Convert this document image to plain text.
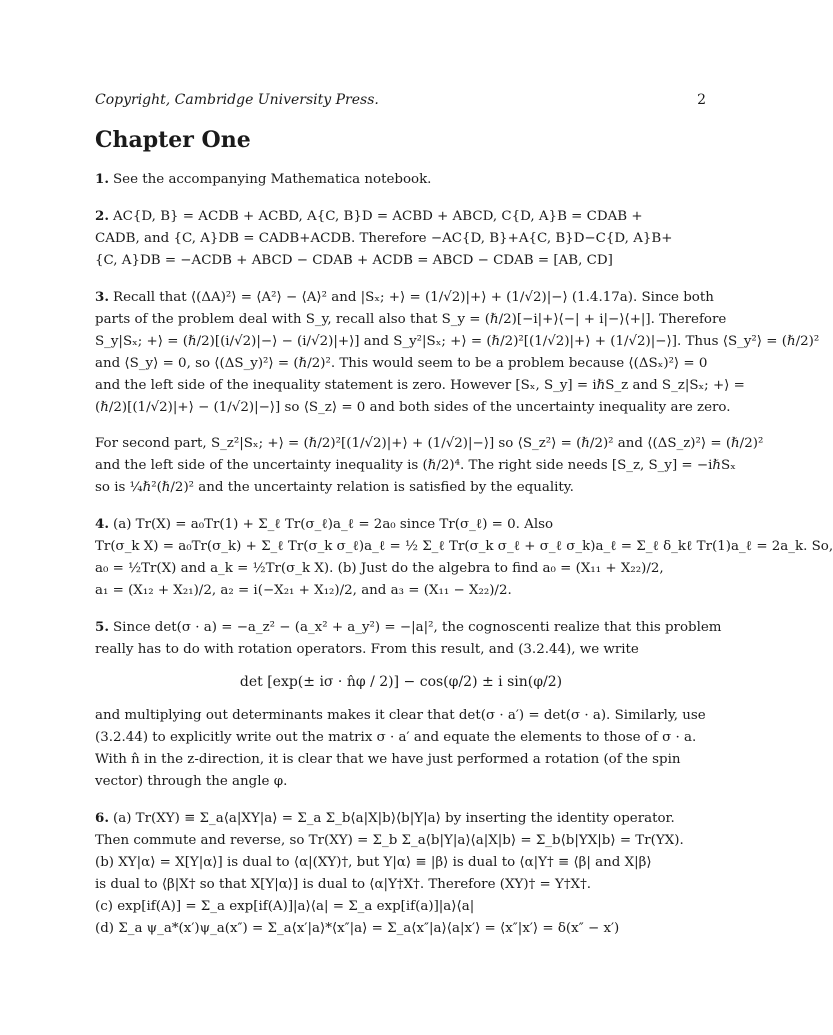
Copyright, Cambridge University Press.	2
Chapter One
1. See the accompanying Mathematica notebook.
2. AC{D, B} = ACDB + ACBD, A{C, B}D = ACBD + ABCD, C{D, A}B = CDAB +
CADB, and {C, A}DB = CADB+ACDB. Therefore −AC{D, B}+A{C, B}D−C{D, A}B+
{C, A}DB = −ACDB + ABCD − CDAB + ACDB = ABCD − CDAB = [AB, CD]
3. Recall that ⟨(ΔA)²⟩ = ⟨A²⟩ − ⟨A⟩² and |Sₓ; +⟩ = (1/√2)|+⟩ + (1/√2)|−⟩ (1.4.17a). Since both
parts of the problem deal with S_y, recall also that S_y = (ℏ/2)[−i|+⟩⟨−| + i|−⟩⟨+|]. Therefore
S_y|Sₓ; +⟩ = (ℏ/2)[(i/√2)|−⟩ − (i/√2)|+⟩] and S_y²|Sₓ; +⟩ = (ℏ/2)²[(1/√2)|+⟩ + (1/√2)|−⟩]. Thus ⟨S_y²⟩ = (ℏ/2)²
and ⟨S_y⟩ = 0, so ⟨(ΔS_y)²⟩ = (ℏ/2)². This would seem to be a problem because ⟨(ΔSₓ)²⟩ = 0
and the left side of the inequality statement is zero. However [Sₓ, S_y] = iℏS_z and S_z|Sₓ; +⟩ =
(ℏ/2)[(1/√2)|+⟩ − (1/√2)|−⟩] so ⟨S_z⟩ = 0 and both sides of the uncertainty inequality are zero.
For second part, S_z²|Sₓ; +⟩ = (ℏ/2)²[(1/√2)|+⟩ + (1/√2)|−⟩] so ⟨S_z²⟩ = (ℏ/2)² and ⟨(ΔS_z)²⟩ = (ℏ/2)²
and the left side of the uncertainty inequality is (ℏ/2)⁴. The right side needs [S_z, S_y] = −iℏSₓ
so is ¼ℏ²(ℏ/2)² and the uncertainty relation is satisfied by the equality.
4. (a) Tr(X) = a₀Tr(1) + Σ_ℓ Tr(σ_ℓ)a_ℓ = 2a₀ since Tr(σ_ℓ) = 0. Also
Tr(σ_k X) = a₀Tr(σ_k) + Σ_ℓ Tr(σ_k σ_ℓ)a_ℓ = ½ Σ_ℓ Tr(σ_k σ_ℓ + σ_ℓ σ_k)a_ℓ = Σ_ℓ δ_kℓ Tr(1)a_ℓ = 2a_k. So,
a₀ = ½Tr(X) and a_k = ½Tr(σ_k X). (b) Just do the algebra to find a₀ = (X₁₁ + X₂₂)/2,
a₁ = (X₁₂ + X₂₁)/2, a₂ = i(−X₂₁ + X₁₂)/2, and a₃ = (X₁₁ − X₂₂)/2.
5. Since det(σ · a) = −a_z² − (a_x² + a_y²) = −|a|², the cognoscenti realize that this problem
really has to do with rotation operators. From this result, and (3.2.44), we write
det [exp(± iσ · n̂φ / 2)] − cos(φ/2) ± i sin(φ/2)
and multiplying out determinants makes it clear that det(σ · a′) = det(σ · a). Similarly, use
(3.2.44) to explicitly write out the matrix σ · a′ and equate the elements to those of σ · a.
With n̂ in the z-direction, it is clear that we have just performed a rotation (of the spin
vector) through the angle φ.
6. (a) Tr(XY) ≡ Σ_a⟨a|XY|a⟩ = Σ_a Σ_b⟨a|X|b⟩⟨b|Y|a⟩ by inserting the identity operator.
Then commute and reverse, so Tr(XY) = Σ_b Σ_a⟨b|Y|a⟩⟨a|X|b⟩ = Σ_b⟨b|YX|b⟩ = Tr(YX).
(b) XY|α⟩ = X[Y|α⟩] is dual to ⟨α|(XY)†, but Y|α⟩ ≡ |β⟩ is dual to ⟨α|Y† ≡ ⟨β| and X|β⟩
is dual to ⟨β|X† so that X[Y|α⟩] is dual to ⟨α|Y†X†. Therefore (XY)† = Y†X†.
(c) exp[if(A)] = Σ_a exp[if(A)]|a⟩⟨a| = Σ_a exp[if(a)]|a⟩⟨a|
(d) Σ_a ψ_a*(x′)ψ_a(x″) = Σ_a⟨x′|a⟩*⟨x″|a⟩ = Σ_a⟨x″|a⟩⟨a|x′⟩ = ⟨x″|x′⟩ = δ(x″ − x′)
